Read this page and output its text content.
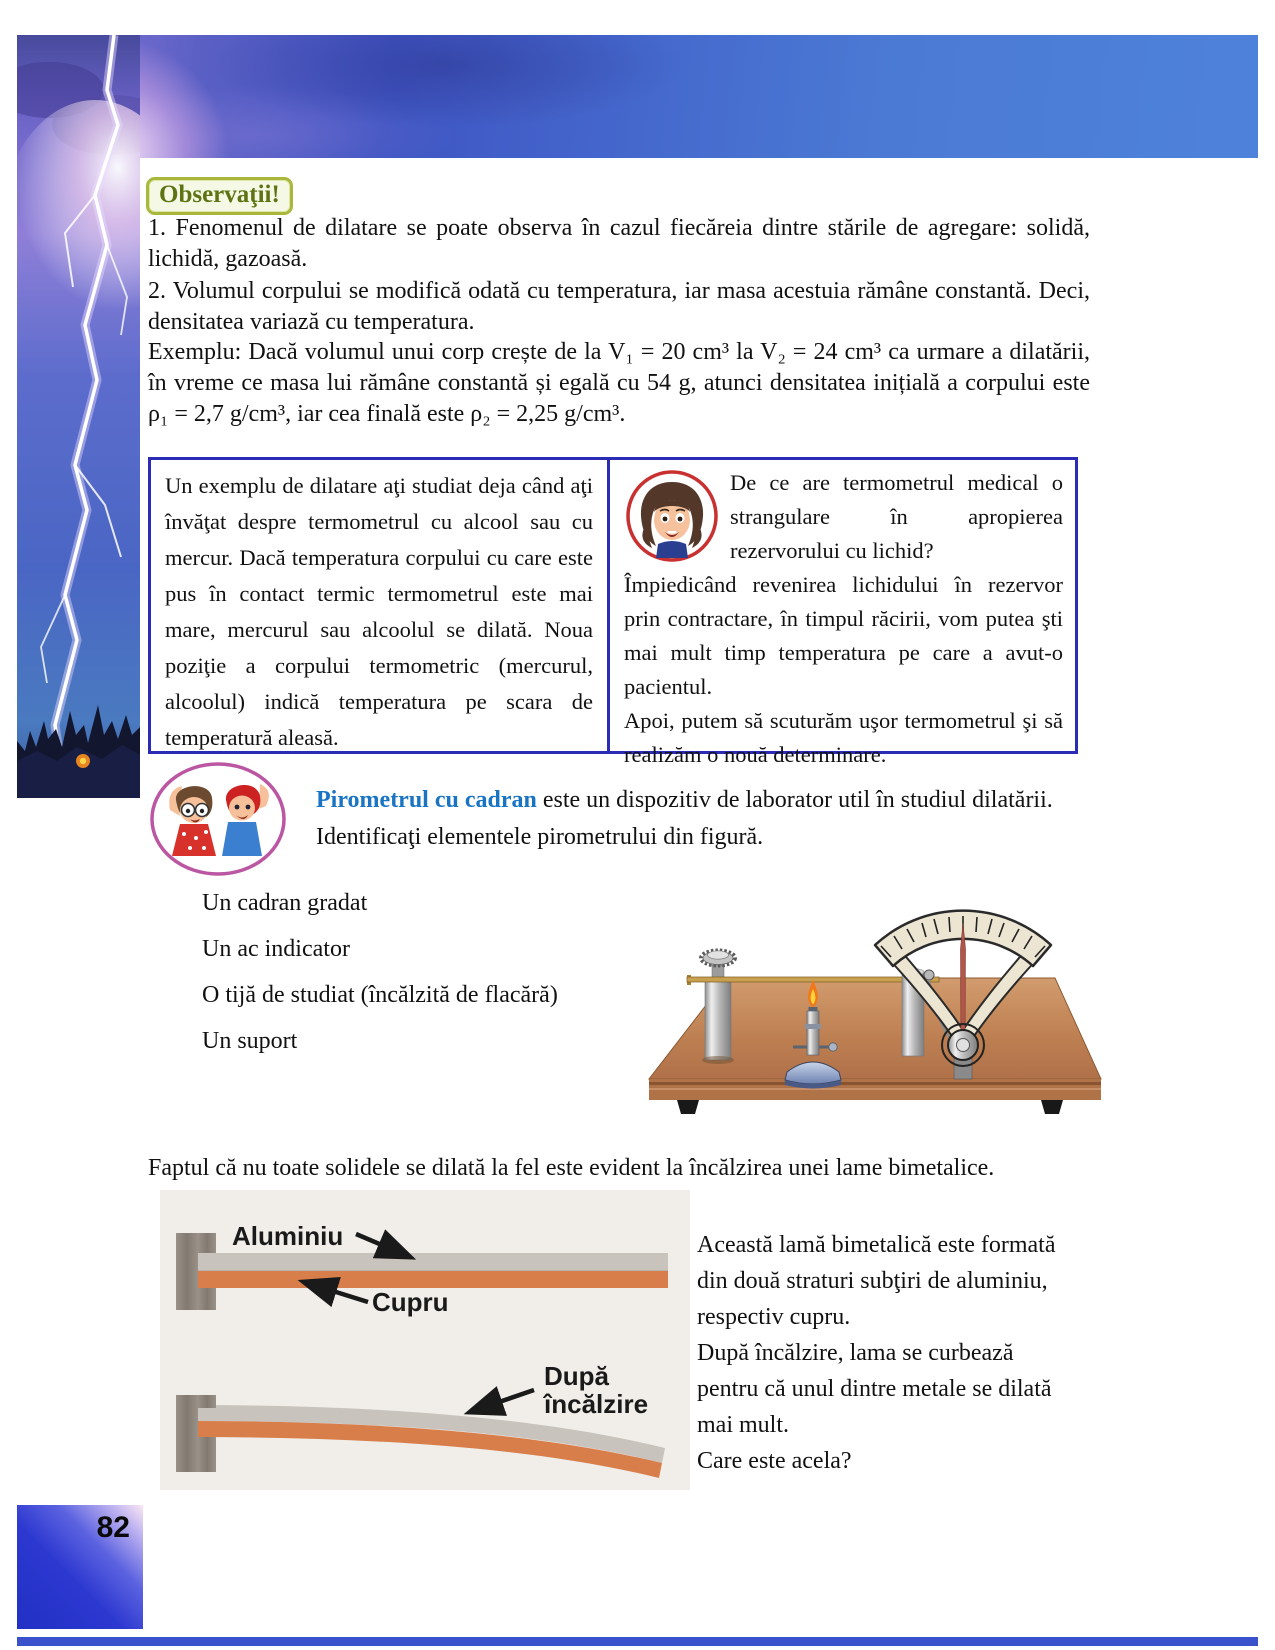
Observaţii!
1. Fenomenul de dilatare se poate observa în cazul fiecăreia dintre stările de agregare: solidă, lichidă, gazoasă.
2. Volumul corpului se modifică odată cu temperatura, iar masa acestuia rămâne constantă. Deci, densitatea variază cu temperatura.
Exemplu: Dacă volumul unui corp crește de la V₁ = 20 cm³ la V₂ = 24 cm³ ca urmare a dilatării, în vreme ce masa lui rămâne constantă și egală cu 54 g, atunci densitatea inițială a corpului este ρ₁ = 2,7 g/cm³, iar cea finală este ρ₂ = 2,25 g/cm³.
Un exemplu de dilatare aţi studiat deja când aţi învăţat despre termometrul cu alcool sau cu mercur. Dacă temperatura corpului cu care este pus în contact termic termometrul este mai mare, mercurul sau alcoolul se dilată. Noua poziţie a corpului termometric (mercurul, alcoolul) indică temperatura pe scara de temperatură aleasă.

De ce are termometrul medical o strangulare în apropierea rezervorului cu lichid?

Împiedicând revenirea lichidului în rezervor prin contractare, în timpul răcirii, vom putea şti mai mult timp temperatura pe care a avut-o pacientul.

Apoi, putem să scuturăm uşor termometrul şi să realizăm o nouă determinare.

Pirometrul cu cadran este un dispozitiv de laborator util în studiul dilatării.
Identificaţi elementele pirometrului din figură.
Un cadran gradat
Un ac indicator
O tijă de studiat (încălzită de flacără)
Un suport
Faptul că nu toate solidele se dilată la fel este evident la încălzirea unei lame bimetalice.
Aluminiu
Cupru
După
încălzire

Această lamă bimetalică este formată din două straturi subţiri de aluminiu, respectiv cupru.

După încălzire, lama se curbează pentru că unul dintre metale se dilată mai mult.

Care este acela?

82
